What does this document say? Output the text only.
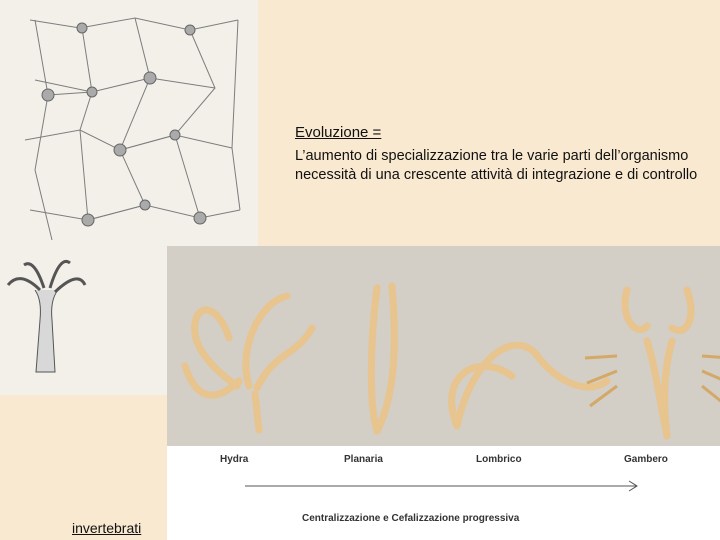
Evoluzione =

L’aumento di specializzazione tra le varie parti dell’organismo necessità di una crescente attività di integrazione e di controllo

Hydra	Planaria	Lombrico	Gambero
Centralizzazione e Cefalizzazione progressiva
invertebrati
